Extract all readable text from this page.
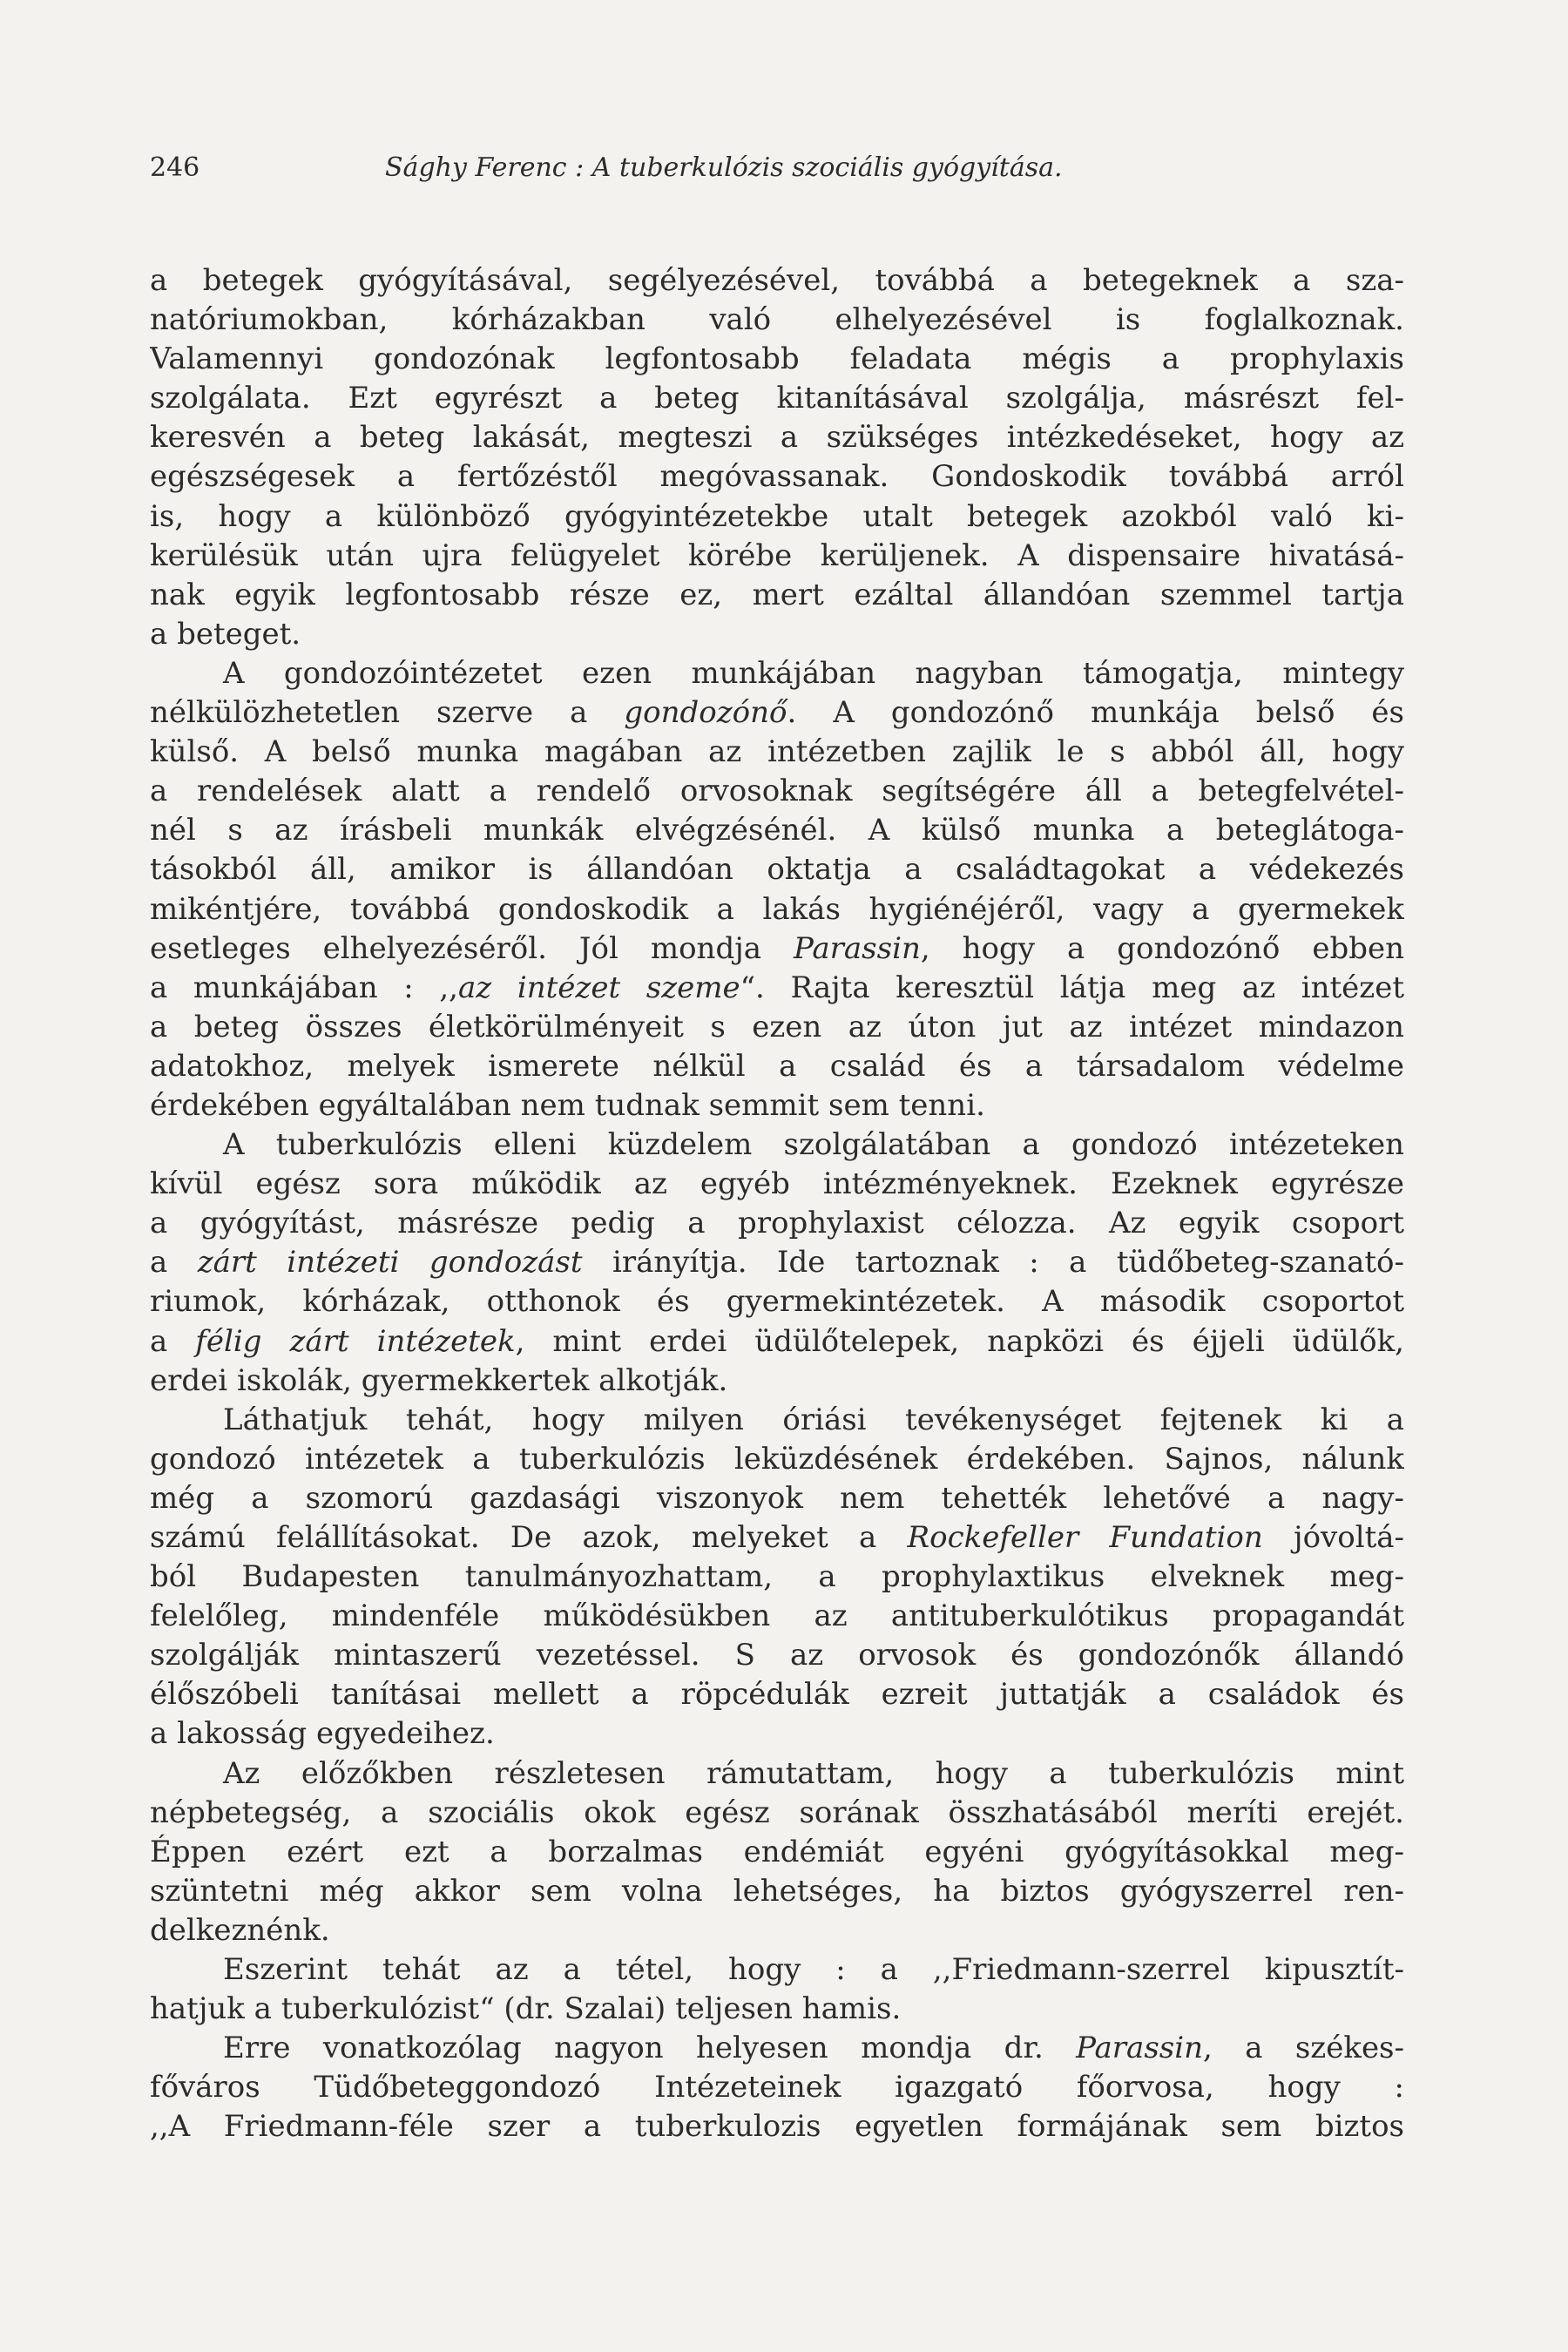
246	Sághy Ferenc : A tuberkulózis szociális gyógyítása.
a betegek gyógyításával, segélyezésével, továbbá a betegeknek a sza-
natóriumokban, kórházakban való elhelyezésével is foglalkoznak.
Valamennyi gondozónak legfontosabb feladata mégis a prophylaxis
szolgálata. Ezt egyrészt a beteg kitanításával szolgálja, másrészt fel-
keresvén a beteg lakását, megteszi a szükséges intézkedéseket, hogy az
egészségesek a fertőzéstől megóvassanak. Gondoskodik továbbá arról
is, hogy a különböző gyógyintézetekbe utalt betegek azokból való ki-
kerülésük után ujra felügyelet körébe kerüljenek. A dispensaire hivatásá-
nak egyik legfontosabb része ez, mert ezáltal állandóan szemmel tartja
a beteget.
A gondozóintézetet ezen munkájában nagyban támogatja, mintegy
nélkülözhetetlen szerve a gondozónő. A gondozónő munkája belső és
külső. A belső munka magában az intézetben zajlik le s abból áll, hogy
a rendelések alatt a rendelő orvosoknak segítségére áll a betegfelvétel-
nél s az írásbeli munkák elvégzésénél. A külső munka a beteglátoga-
tásokból áll, amikor is állandóan oktatja a családtagokat a védekezés
mikéntjére, továbbá gondoskodik a lakás hygiénéjéről, vagy a gyermekek
esetleges elhelyezéséről. Jól mondja Parassin, hogy a gondozónő ebben
a munkájában : ,,az intézet szeme“. Rajta keresztül látja meg az intézet
a beteg összes életkörülményeit s ezen az úton jut az intézet mindazon
adatokhoz, melyek ismerete nélkül a család és a társadalom védelme
érdekében egyáltalában nem tudnak semmit sem tenni.
A tuberkulózis elleni küzdelem szolgálatában a gondozó intézeteken
kívül egész sora működik az egyéb intézményeknek. Ezeknek egyrésze
a gyógyítást, másrésze pedig a prophylaxist célozza. Az egyik csoport
a zárt intézeti gondozást irányítja. Ide tartoznak : a tüdőbeteg-szanató-
riumok, kórházak, otthonok és gyermekintézetek. A második csoportot
a félig zárt intézetek, mint erdei üdülőtelepek, napközi és éjjeli üdülők,
erdei iskolák, gyermekkertek alkotják.
Láthatjuk tehát, hogy milyen óriási tevékenységet fejtenek ki a
gondozó intézetek a tuberkulózis leküzdésének érdekében. Sajnos, nálunk
még a szomorú gazdasági viszonyok nem tehették lehetővé a nagy-
számú felállításokat. De azok, melyeket a Rockefeller Fundation jóvoltá-
ból Budapesten tanulmányozhattam, a prophylaxtikus elveknek meg-
felelőleg, mindenféle működésükben az antituberkulótikus propagandát
szolgálják mintaszerű vezetéssel. S az orvosok és gondozónők állandó
élőszóbeli tanításai mellett a röpcédulák ezreit juttatják a családok és
a lakosság egyedeihez.
Az előzőkben részletesen rámutattam, hogy a tuberkulózis mint
népbetegség, a szociális okok egész sorának összhatásából meríti erejét.
Éppen ezért ezt a borzalmas endémiát egyéni gyógyításokkal meg-
szüntetni még akkor sem volna lehetséges, ha biztos gyógyszerrel ren-
delkeznénk.
Eszerint tehát az a tétel, hogy : a ,,Friedmann-szerrel kipusztít-
hatjuk a tuberkulózist“ (dr. Szalai) teljesen hamis.
Erre vonatkozólag nagyon helyesen mondja dr. Parassin, a székes-
főváros Tüdőbeteggondozó Intézeteinek igazgató főorvosa, hogy :
,,A Friedmann-féle szer a tuberkulozis egyetlen formájának sem biztos
